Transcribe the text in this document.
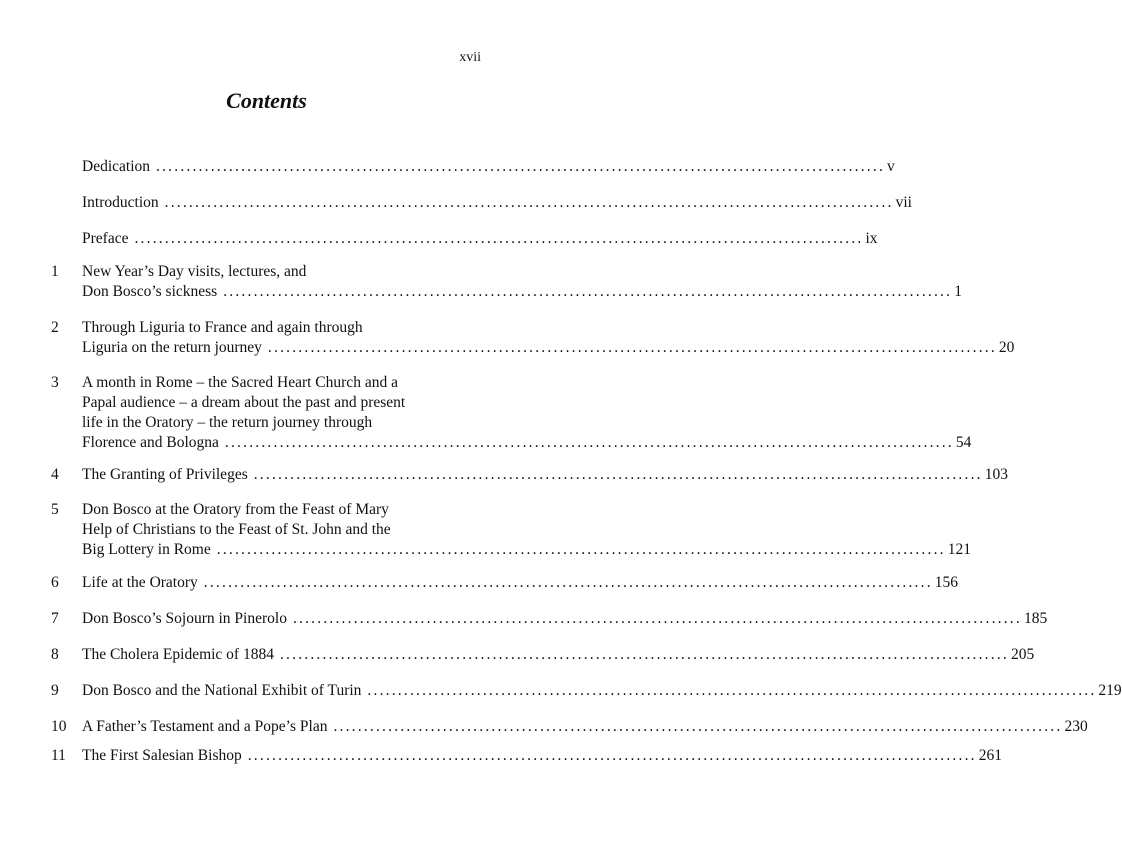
xvii
Contents
Dedication ........................................................................................................................ v
Introduction ........................................................................................................................ vii
Preface ........................................................................................................................ ix
1 New Year’s Day visits, lectures, and
Don Bosco’s sickness ........................................................................................................................ 1
2 Through Liguria to France and again through
Liguria on the return journey ........................................................................................................................ 20
3 A month in Rome – the Sacred Heart Church and a
Papal audience – a dream about the past and present
life in the Oratory – the return journey through
Florence and Bologna ........................................................................................................................ 54
4 The Granting of Privileges ........................................................................................................................ 103
5 Don Bosco at the Oratory from the Feast of Mary
Help of Christians to the Feast of St. John and the
Big Lottery in Rome ........................................................................................................................ 121
6 Life at the Oratory ........................................................................................................................ 156
7 Don Bosco’s Sojourn in Pinerolo ........................................................................................................................ 185
8 The Cholera Epidemic of 1884 ........................................................................................................................ 205
9 Don Bosco and the National Exhibit of Turin ........................................................................................................................ 219
10 A Father’s Testament and a Pope’s Plan ........................................................................................................................ 230
11 The First Salesian Bishop ........................................................................................................................ 261
